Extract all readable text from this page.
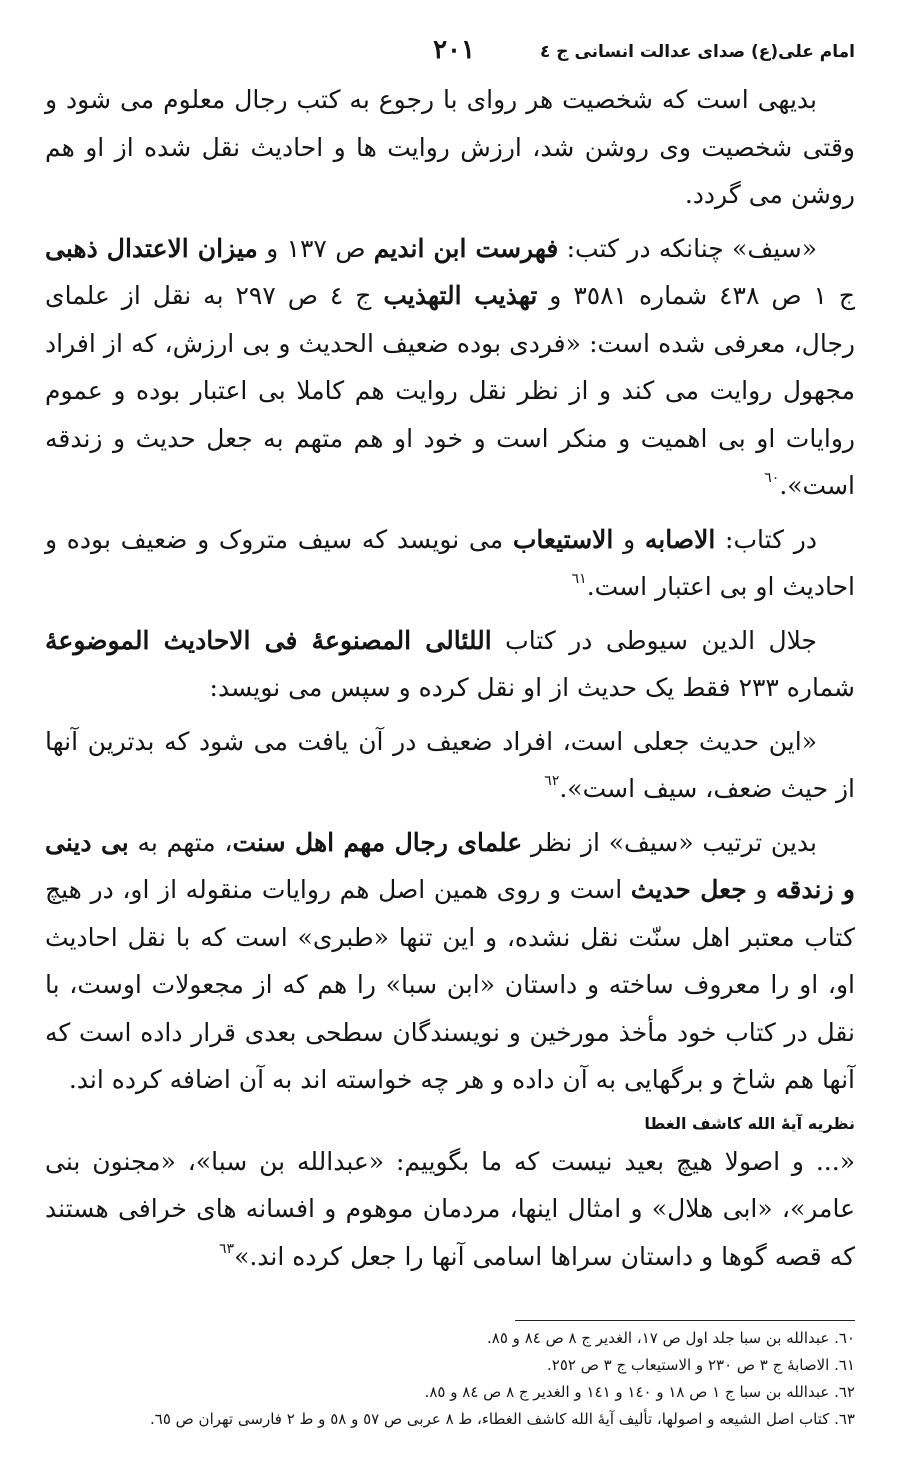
امام علی(ع) صدای عدالت انسانی ج ٤
٢٠١

بدیهی است که شخصیت هر روای با رجوع به کتب رجال معلوم می شود و وقتی شخصیت وی روشن شد، ارزش روایت ها و احادیث نقل شده از او هم روشن می گردد.

«سیف» چنانکه در کتب: فهرست ابن اندیم ص ١٣٧ و میزان الاعتدال ذهبی ج ١ ص ٤٣٨ شماره ٣٥٨١ و تهذیب التهذیب ج ٤ ص ٢٩٧ به نقل از علمای رجال، معرفی شده است: «فردی بوده ضعیف الحدیث و بی ارزش، که از افراد مجهول روایت می کند و از نظر نقل روایت هم کاملا بی اعتبار بوده و عموم روایات او بی اهمیت و منکر است و خود او هم متهم به جعل حدیث و زندقه است».$^{٦٠}$

در کتاب: الاصابه و الاستیعاب می نویسد که سیف متروک و ضعیف بوده و احادیث او بی اعتبار است.$^{٦١}$

جلال الدین سیوطی در کتاب اللئالی المصنوعهٔ فی الاحادیث الموضوعهٔ شماره ٢٣٣ فقط یک حدیث از او نقل کرده و سپس می نویسد:

«این حدیث جعلی است، افراد ضعیف در آن یافت می شود که بدترین آنها از حیث ضعف، سیف است».$^{٦٢}$

بدین ترتیب «سیف» از نظر علمای رجال مهم اهل سنت، متهم به بی دینی و زندقه و جعل حدیث است و روی همین اصل هم روایات منقوله از او، در هیچ کتاب معتبر اهل سنّت نقل نشده، و این تنها «طبری» است که با نقل احادیث او، او را معروف ساخته و داستان «ابن سبا» را هم که از مجعولات اوست، با نقل در کتاب خود مأخذ مورخین و نویسندگان سطحی بعدی قرار داده است که آنها هم شاخ و برگهایی به آن داده و هر چه خواسته اند به آن اضافه کرده اند.

نظریه آیهٔ الله کاشف الغطا

«... و اصولا هیچ بعید نیست که ما بگوییم: «عبدالله بن سبا»، «مجنون بنی عامر»، «ابی هلال» و امثال اینها، مردمان موهوم و افسانه های خرافی هستند که قصه گوها و داستان سراها اسامی آنها را جعل کرده اند.»$^{٦٣}$

٦٠. عبدالله بن سبا جلد اول ص ١٧، الغدیر ج ٨ ص ٨٤ و ٨٥.

٦١. الاصابهٔ ج ٣ ص ٢٣٠ و الاستیعاب ج ٣ ص ٢٥٢.

٦٢. عبدالله بن سبا ج ١ ص ١٨ و ١٤٠ و ١٤١ و الغدیر ج ٨ ص ٨٤ و ٨٥.

٦٣. کتاب اصل الشیعه و اصولها، تألیف آیهٔ الله کاشف الغطاء، ط ٨ عربی ص ٥٧ و ٥٨ و ط ٢ فارسی تهران ص ٦٥.
